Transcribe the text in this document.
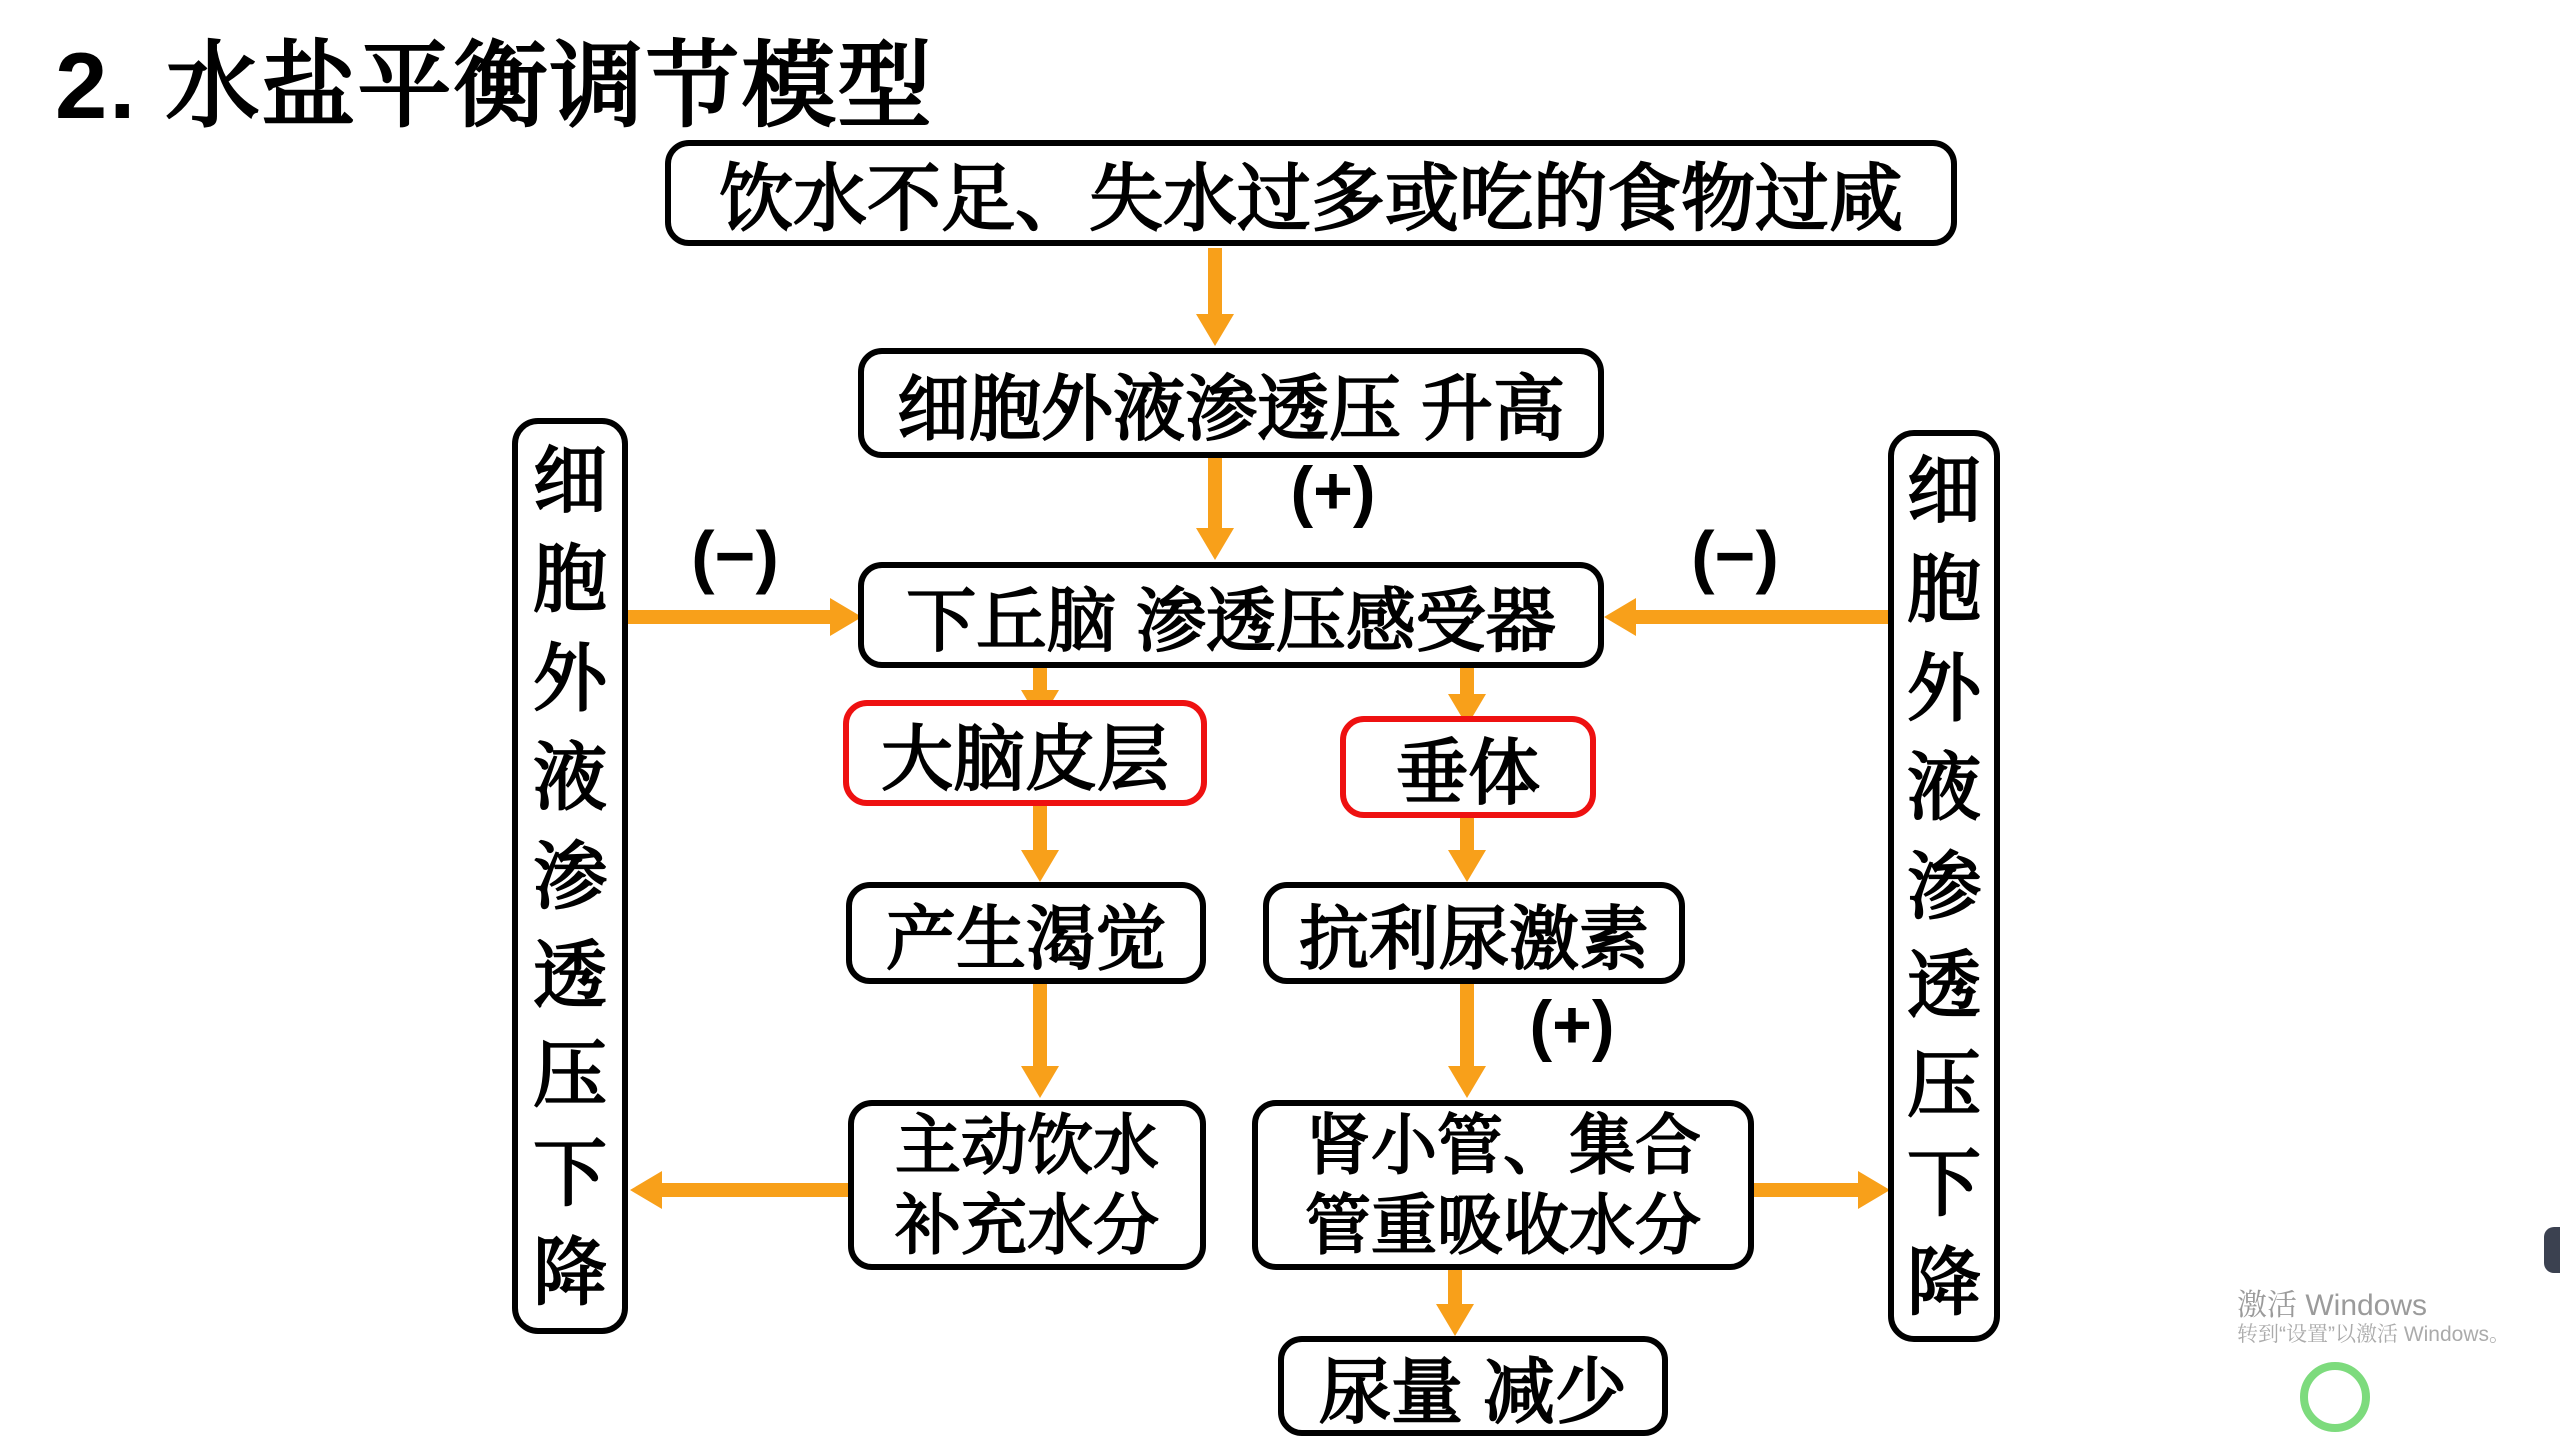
2. 水盐平衡调节模型
饮水不足、失水过多或吃的食物过咸
细胞外液渗透压 升高
(+)
下丘脑 渗透压感受器
大脑皮层	垂体
产生渴觉	抗利尿激素
(+)
主动饮水
补充水分
肾小管、集合
管重吸收水分
尿量 减少
细胞外液渗透压下降
细胞外液渗透压下降
(−)	(−)
激活 Windows
转到“设置”以激活 Windows。
